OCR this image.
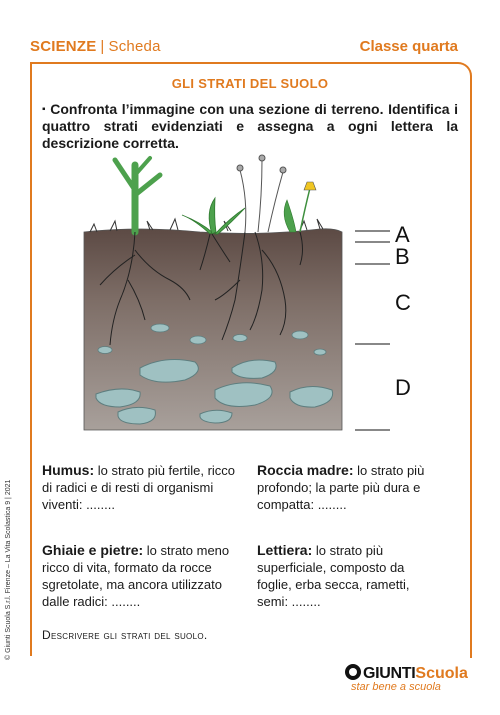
SCIENZE | Scheda	Classe quarta
GLI STRATI DEL SUOLO
▪ Confronta l’immagine con una sezione di terreno. Identifica i quattro strati evidenziati e assegna a ogni lettera la descrizione corretta.
A
B
C
D
Humus: lo strato più fertile, ricco di radici e di resti di organismi viventi: ........
Roccia madre: lo strato più profondo; la parte più dura e compatta: ........
Ghiaie e pietre: lo strato meno ricco di vita, formato da rocce sgretolate, ma ancora utilizzato dalle radici: ........
Lettiera: lo strato più superficiale, composto da foglie, erba secca, rametti, semi: ........
Descrivere gli strati del suolo.
© Giunti Scuola S.r.l. Firenze – La Vita Scolastica 9 | 2021
GIUNTIScuola
star bene a scuola
